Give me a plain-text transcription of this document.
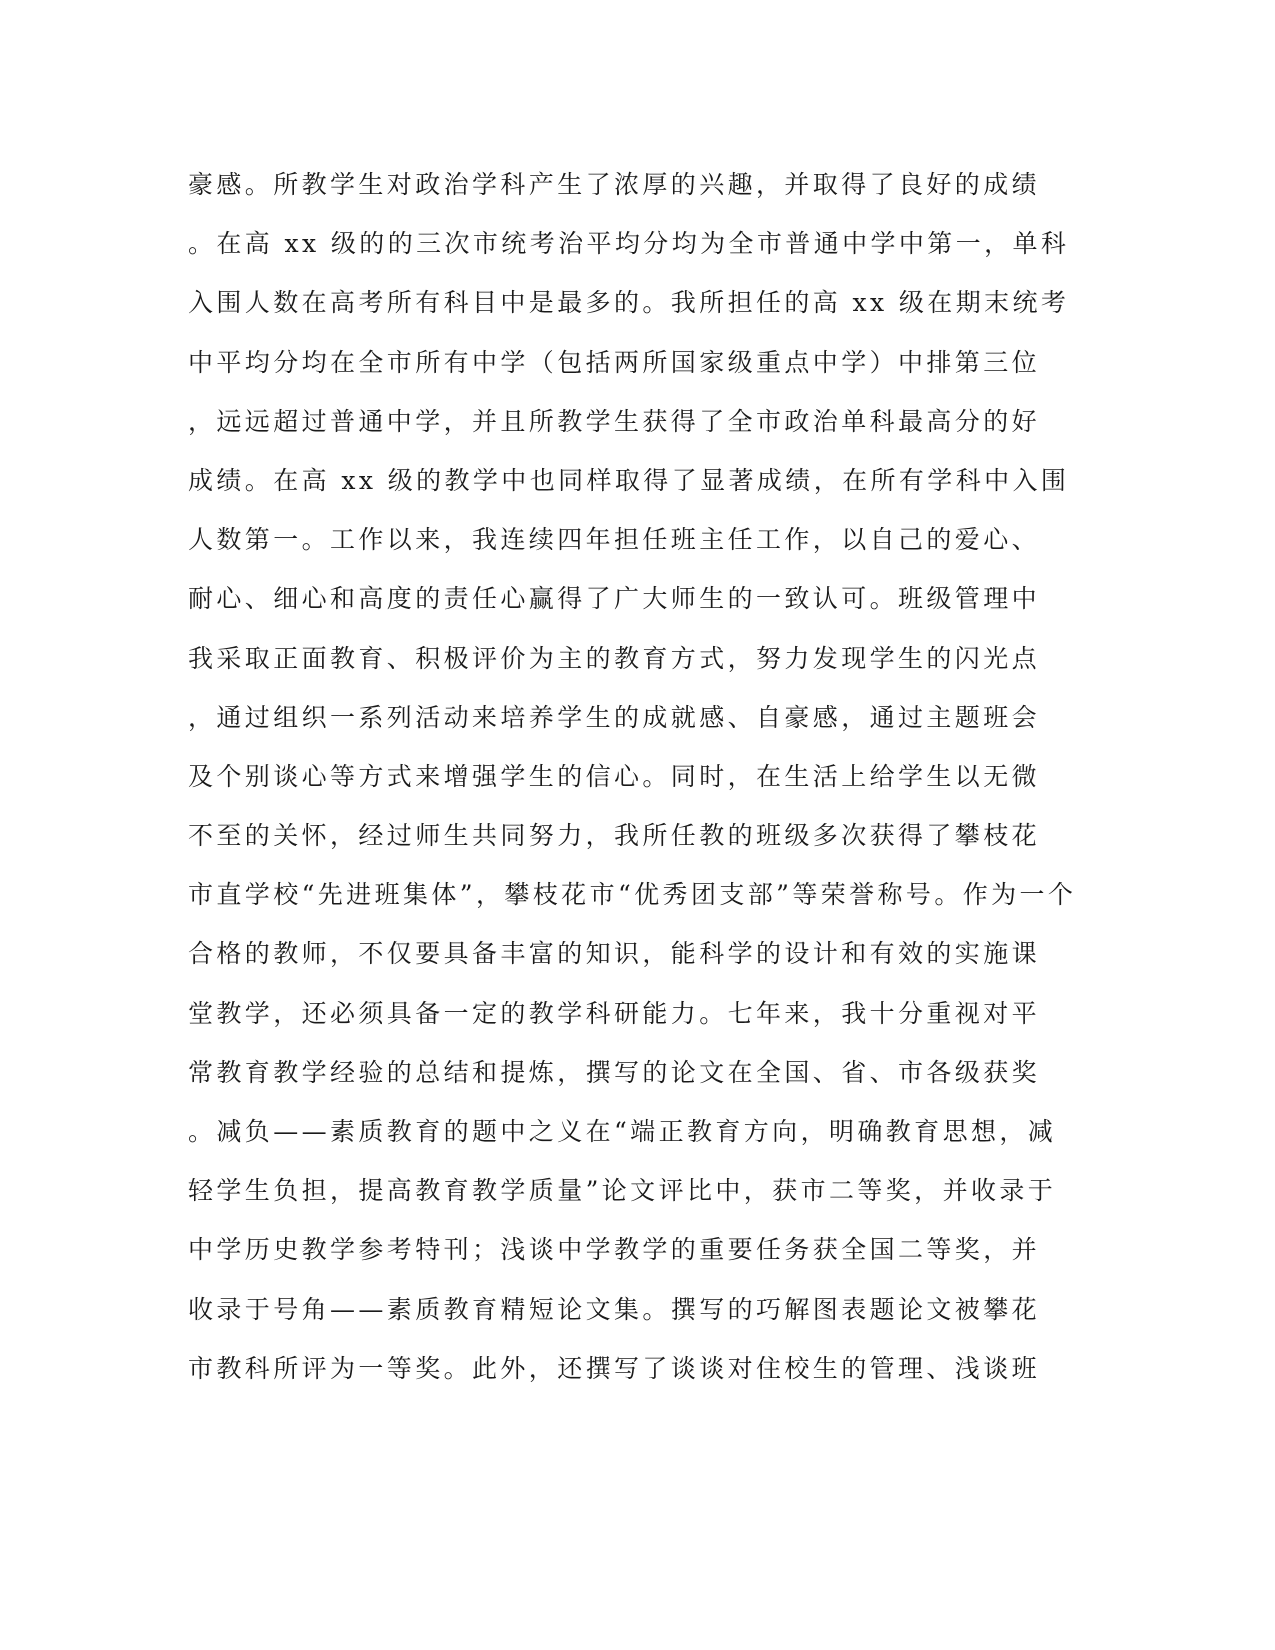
豪感。所教学生对政治学科产生了浓厚的兴趣，并取得了良好的成绩
。在高 xx 级的的三次市统考治平均分均为全市普通中学中第一，单科
入围人数在高考所有科目中是最多的。我所担任的高 xx 级在期末统考
中平均分均在全市所有中学（包括两所国家级重点中学）中排第三位
，远远超过普通中学，并且所教学生获得了全市政治单科最高分的好
成绩。在高 xx 级的教学中也同样取得了显著成绩，在所有学科中入围
人数第一。工作以来，我连续四年担任班主任工作，以自己的爱心、
耐心、细心和高度的责任心赢得了广大师生的一致认可。班级管理中
我采取正面教育、积极评价为主的教育方式，努力发现学生的闪光点
，通过组织一系列活动来培养学生的成就感、自豪感，通过主题班会
及个别谈心等方式来增强学生的信心。同时，在生活上给学生以无微
不至的关怀，经过师生共同努力，我所任教的班级多次获得了攀枝花
市直学校“先进班集体”，攀枝花市“优秀团支部”等荣誉称号。作为一个
合格的教师，不仅要具备丰富的知识，能科学的设计和有效的实施课
堂教学，还必须具备一定的教学科研能力。七年来，我十分重视对平
常教育教学经验的总结和提炼，撰写的论文在全国、省、市各级获奖
。减负——素质教育的题中之义在“端正教育方向，明确教育思想，减
轻学生负担，提高教育教学质量”论文评比中，获市二等奖，并收录于
中学历史教学参考特刊；浅谈中学教学的重要任务获全国二等奖，并
收录于号角——素质教育精短论文集。撰写的巧解图表题论文被攀花
市教科所评为一等奖。此外，还撰写了谈谈对住校生的管理、浅谈班
